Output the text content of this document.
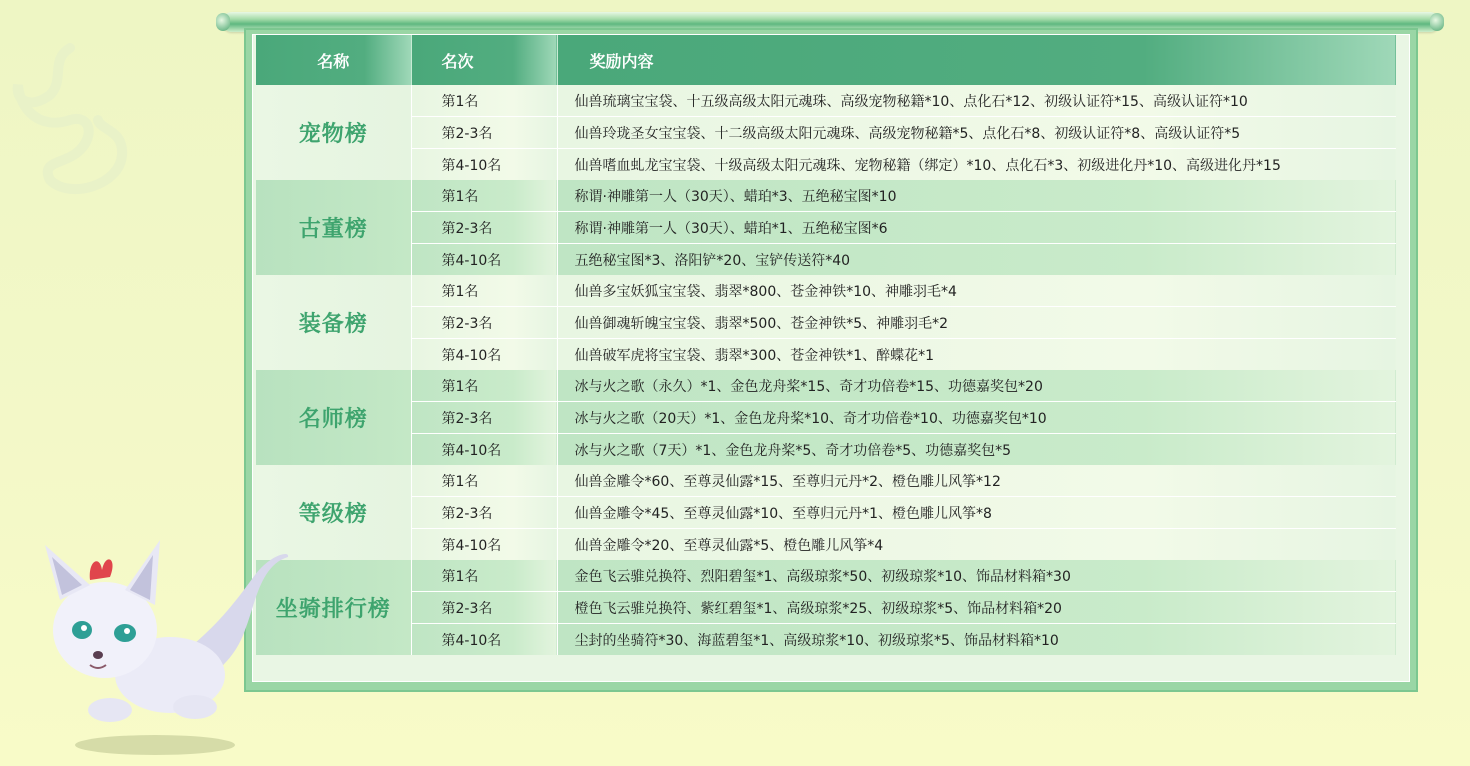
名称	名次	奖励内容
宠物榜	第1名	仙兽琉璃宝宝袋、十五级高级太阳元魂珠、高级宠物秘籍*10、点化石*12、初级认证符*15、高级认证符*10
	第2-3名	仙兽玲珑圣女宝宝袋、十二级高级太阳元魂珠、高级宠物秘籍*5、点化石*8、初级认证符*8、高级认证符*5
	第4-10名	仙兽嗜血虬龙宝宝袋、十级高级太阳元魂珠、宠物秘籍（绑定）*10、点化石*3、初级进化丹*10、高级进化丹*15
古董榜	第1名	称谓·神雕第一人（30天）、蜡珀*3、五绝秘宝图*10
	第2-3名	称谓·神雕第一人（30天）、蜡珀*1、五绝秘宝图*6
	第4-10名	五绝秘宝图*3、洛阳铲*20、宝铲传送符*40
装备榜	第1名	仙兽多宝妖狐宝宝袋、翡翠*800、苍金神铁*10、神雕羽毛*4
	第2-3名	仙兽御魂斩魄宝宝袋、翡翠*500、苍金神铁*5、神雕羽毛*2
	第4-10名	仙兽破军虎将宝宝袋、翡翠*300、苍金神铁*1、醉蝶花*1
名师榜	第1名	冰与火之歌（永久）*1、金色龙舟桨*15、奇才功倍卷*15、功德嘉奖包*20
	第2-3名	冰与火之歌（20天）*1、金色龙舟桨*10、奇才功倍卷*10、功德嘉奖包*10
	第4-10名	冰与火之歌（7天）*1、金色龙舟桨*5、奇才功倍卷*5、功德嘉奖包*5
等级榜	第1名	仙兽金雕令*60、至尊灵仙露*15、至尊归元丹*2、橙色雕儿风筝*12
	第2-3名	仙兽金雕令*45、至尊灵仙露*10、至尊归元丹*1、橙色雕儿风筝*8
	第4-10名	仙兽金雕令*20、至尊灵仙露*5、橙色雕儿风筝*4
坐骑排行榜	第1名	金色飞云骓兑换符、烈阳碧玺*1、高级琼浆*50、初级琼浆*10、饰品材料箱*30
	第2-3名	橙色飞云骓兑换符、紫红碧玺*1、高级琼浆*25、初级琼浆*5、饰品材料箱*20
	第4-10名	尘封的坐骑符*30、海蓝碧玺*1、高级琼浆*10、初级琼浆*5、饰品材料箱*10
